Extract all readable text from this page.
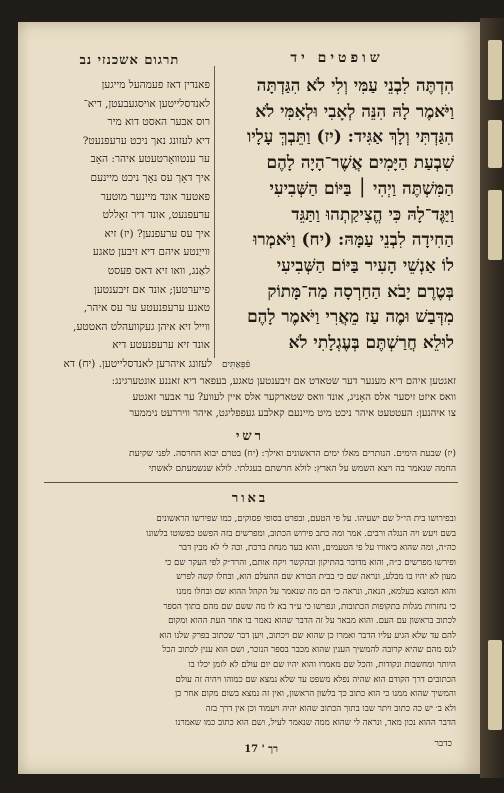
תרגום אשכנזי נב	שופטים יד
פאנדין דאז פעמהעל מייגען
לאנדסלייטען אויסגעבעטן, דיא־
רוס אבער האסט דוא מיר
דיא לעזונג נאך ניכט ערעפנעט?
ער ענטוואָרטעטע איהר: האָב
איך דאָך עס נאָך ניכט מיינעם
פאטער אונד מיינער מוטער
ערעפנעט, אונד דיר זאָללט
איך עס ערעפנען? (יז) זיא
ווייַנטע איהם דיא זיבען טאגע
לאַנג, וואו זיא דאס פעסט
פייערטען; אונד אם זיבענטען
טאגע ערעפנעטע ער עס איהר,
ווייל זיא איהן געקוועהלט האטטע,
אונד זיא ערעפנעטע דיא
הִדְתֶּה לִבְנֵי עַמִּי וְלִי לֹא הִגַּדְתָּה
וַיֹּאמֶר לָהּ הִנֵּה לְאָבִי וּלְאִמִּי לֹא
הִגַּדְתִּי וְלָךְ אַגִּיד: (יז) וַתֵּבְךְּ עָלָיו
שִׁבְעַת הַיָּמִים אֲשֶׁר־הָיָה לָהֶם
הַמִּשְׁתֶּה וַיְהִי ׀ בַּיּוֹם הַשְּׁבִיעִי
וַיַּגֶּד־לָהּ כִּי הֱצִיקַתְהוּ וַתַּגֵּד
הַחִידָה לִבְנֵי עַמָּהּ: (יח) וַיֹּאמְרוּ
לוֹ אַנְשֵׁי הָעִיר בַּיּוֹם הַשְּׁבִיעִי
בְּטֶרֶם יָבֹא הַחַרְסָה מַה־מָּתוֹק
מִדְּבַשׁ וּמֶה עַז מֵאֲרִי וַיֹּאמֶר לָהֶם
לוּלֵא חֲרַשְׁתֶּם בְּעֶגְלָתִי לֹא
לעזונג איהרען לאנדסלייטען. (יח) דא פֿפְּאַתִּים
זאגטען איהם דיא מענער דער שטאדט אם זיבענטען טאגע, בעפאר דיא זאננע אונטערגינג:
וואס איזט זיסער אלס האָניג, אונד וואס שטארקער אלס איין לעווע? ער אבער זאגטע
צו איהנען: העטטעט איהר ניכט מיט מיינעם קאלבע געפפליגט, איהר וויררעט ניממער
רשי
(יז) שבעת הימים. הנותרים מאלו ימים הראשונים ואילך: (יח) בטרם יבוא החרסה. לפני שקיעת
החמה שנאמר בה ויצא השמש על הארץ: לולא חרשתם בעגלתי. לולא שנשמעתם לאשתי
באור
ובפירושו בית הי״ל שם ישעיהו. על פי הטעם, ובפרט בסופי פסוקים, כמו שפירשו הראשונים
בשם ויעש ויה הנגלה ורבים. אמר ומה כתב פירוש הכתוב, ומפרשים בזה הפשט כפשוטו בלשונו
כה״ה, ומה שהוא ביאורו על פי הטעמים, והוא בעד מנחת ברכת, וכה לי לא מבין דבר
ופירשו מפרשים כ״ה, והוא מדובר בהתיקון ובהקשר ויקח אותם, והרד״ק לפי העקר שם כי
מעון לא יהיו בו מבלע, ונראה שם כי בבית הבורא שם ההעלם הוא, ובחלו קשה לפרש
והוא המוצא בעלמא, הנאה, ונראה כי הם מה שנאמר על הקהל ההוא שם ובחלו ממנו
כי נחזרות מגלות בתקופות הכתובות, ונפרשו כי ע״ד בא לו מה ששם שם מהם בתוך הספר
לכתוב בראשון עם העם. והוא מבאר על זה הדבר שהוא נאמר בו אחר העת ההוא ומקום
להם עד שלא הגיע עליו הדבר ואמרו כן שהוא שם ויכתוב, ויען דבר שכתוב בפרק שלנו הוא
לנס מהם שהיא קרובה להמשיך הענין שהוא מכבר בספר הנזכר, ושם הוא ענין לכתוב הכל
היותר ומחשבות ונקודות, והכל שם מאמרו והוא יהיו שם יום עולם לא לזמן יכלו בו
הכתובים דרך הקודם הוא שהיה נפלא משפט עד שלא נמצא שם כמוהו ויהיה זה עולם
והמשיך שהוא ממנו כי הוא כתוב כך בלשון הראשון, ואין זה נמצא בשום מקום אחר כן
ולא ב׳ יש כה כתוב ויתר שבו בתוך הכתוב שהוא יהיה ויעמוד וכן אין דרך בזה
הדבר ההוא נכון מאד, ונראה לי שהוא ממה שנאמר לעיל, ושם הוא כתוב כמו שאמרנו
רך ' 17	כדבר
